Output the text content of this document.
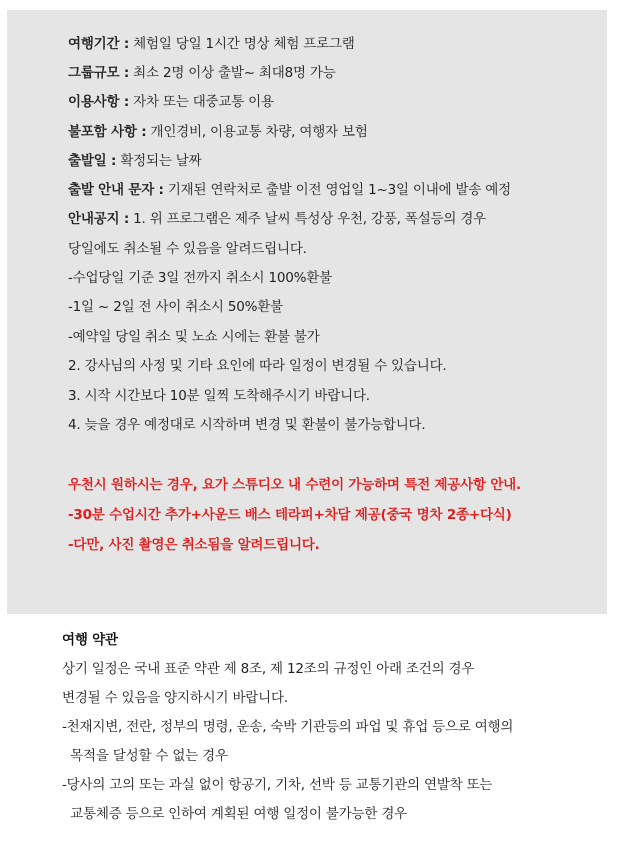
여행기간 : 체험일 당일 1시간 명상 체험 프로그램
그룹규모 : 최소 2명 이상 출발~ 최대8명 가능
이용사항 : 자차 또는 대중교통 이용
불포함 사항 : 개인경비, 이용교통 차량, 여행자 보험
출발일 : 확정되는 날짜
출발 안내 문자 : 기재된 연락처로 출발 이전 영업일 1~3일 이내에 발송 예정
안내공지 : 1. 위 프로그램은 제주 날씨 특성상 우천, 강풍, 폭설등의 경우
당일에도 취소될 수 있음을 알려드립니다.
-수업당일 기준 3일 전까지 취소시 100%환불
-1일 ~ 2일 전 사이 취소시 50%환불
-예약일 당일 취소 및 노쇼 시에는 환불 불가
2. 강사님의 사정 및 기타 요인에 따라 일정이 변경될 수 있습니다.
3. 시작 시간보다 10분 일찍 도착해주시기 바랍니다.
4. 늦을 경우 예정대로 시작하며 변경 및 환불이 불가능합니다.
우천시 원하시는 경우, 요가 스튜디오 내 수련이 가능하며 특전 제공사항 안내.
-30분 수업시간 추가+사운드 배스 테라피+차담 제공(중국 명차 2종+다식)
-다만, 사진 촬영은 취소됨을 알려드립니다.
여행 약관
상기 일정은 국내 표준 약관 제 8조, 제 12조의 규정인 아래 조건의 경우
변경될 수 있음을 양지하시기 바랍니다.
-천재지변, 전란, 정부의 명령, 운송, 숙박 기관등의 파업 및 휴업 등으로 여행의
목적을 달성할 수 없는 경우
-당사의 고의 또는 과실 없이 항공기, 기차, 선박 등 교통기관의 연발착 또는
교통체증 등으로 인하여 계획된 여행 일정이 불가능한 경우
